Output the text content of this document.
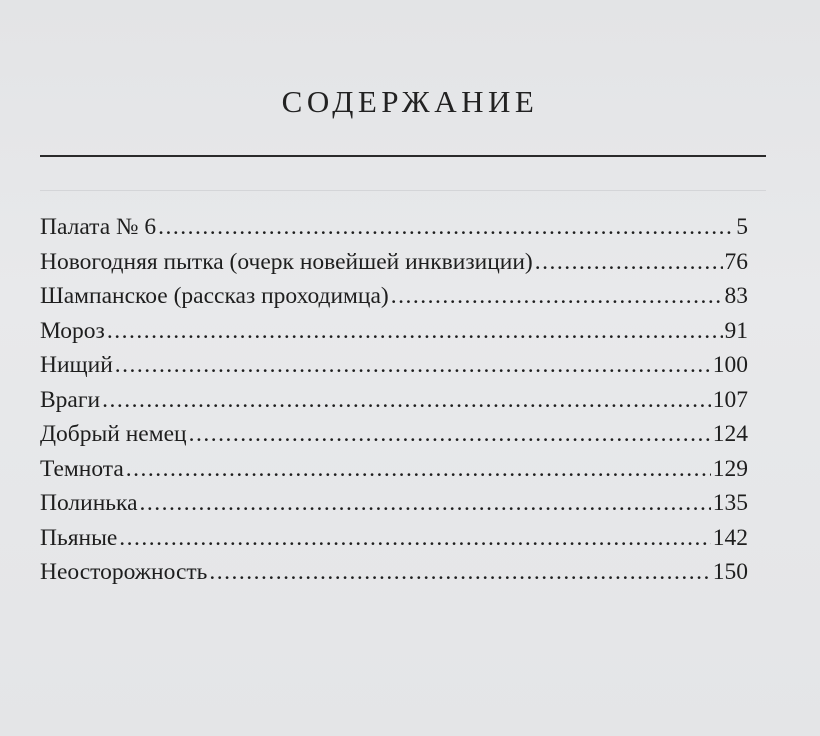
СОДЕРЖАНИЕ
Палата № 6 .....	5
Новогодняя пытка (очерк новейшей инквизиции) .....	76
Шампанское (рассказ проходимца) .....	83
Мороз .....	91
Нищий .....	100
Враги .....	107
Добрый немец .....	124
Темнота .....	129
Полинька .....	135
Пьяные .....	142
Неосторожность .....	150
